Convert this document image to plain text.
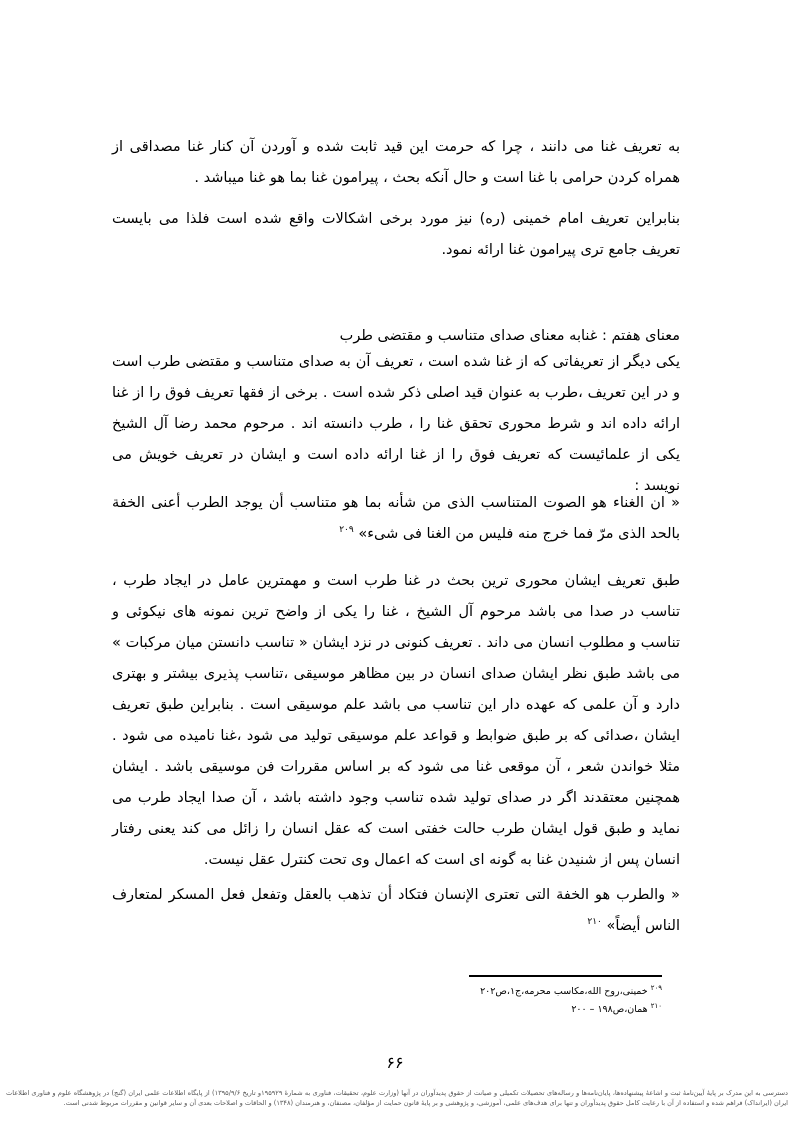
به تعریف غنا می دانند ، چرا که حرمت این قید ثابت شده و آوردن آن کنار غنا مصداقی از همراه کردن حرامی با غنا است و حال آنکه بحث ، پیرامون غنا بما هو غنا میباشد .

بنابراین تعریف امام خمینی (ره) نیز مورد برخی اشکالات واقع شده است فلذا می بایست تعریف جامع تری پیرامون غنا ارائه نمود.

معنای هفتم : غنابه معنای صدای متناسب و مقتضی طرب

یکی دیگر از تعریفاتی که از غنا شده است ، تعریف آن به صدای متناسب و مقتضی طرب است و در این تعریف ،طرب به عنوان قید اصلی ذکر شده است . برخی از فقها تعریف فوق را از غنا ارائه داده اند و شرط محوری تحقق غنا را ، طرب دانسته اند . مرحوم محمد رضا آل الشیخ یکی از علمائیست که تعریف فوق را از غنا ارائه داده است و ایشان در تعریف خویش می نویسد :

« ان الغناء هو الصوت المتناسب الذی من شأنه بما هو متناسب أن یوجد الطرب أعنی الخفة بالحد الذی مرّ فما خرج منه فلیس من الغنا فی شیء» $^{۲۰۹}$

طبق تعریف ایشان محوری ترین بحث در غنا طرب است و مهمترین عامل در ایجاد طرب ، تناسب در صدا می باشد مرحوم آل الشیخ ، غنا را یکی از واضح ترین نمونه های نیکوئی و تناسب و مطلوب انسان می داند . تعریف کنونی در نزد ایشان « تناسب دانستن میان مرکبات » می باشد طبق نظر ایشان صدای انسان در بین مظاهر موسیقی ،تناسب پذیری بیشتر و بهتری دارد و آن علمی که عهده دار این تناسب می باشد علم موسیقی است . بنابراین طبق تعریف ایشان ،صدائی که بر طبق ضوابط و قواعد علم موسیقی تولید می شود ،غنا نامیده می شود . مثلا خواندن شعر ، آن موقعی غنا می شود که بر اساس مقررات فن موسیقی باشد . ایشان همچنین معتقدند اگر در صدای تولید شده تناسب وجود داشته باشد ، آن صدا ایجاد طرب می نماید و طبق قول ایشان طرب حالت خفتی است که عقل انسان را زائل می کند یعنی رفتار انسان پس از شنیدن غنا به گونه ای است که اعمال وی تحت کنترل عقل نیست.

« والطرب هو الخفة التی تعتری الإنسان فتکاد أن تذهب بالعقل وتفعل فعل المسکر لمتعارف الناس أیضاً» $^{۲۱۰}$

$^{۲۰۹}$ خمینی،روح الله،مکاسب محرمه،ج۱،ص۲۰۲
$^{۲۱۰}$ همان،ص۱۹۸ – ۲۰۰
۶۶
دسترسی به این مدرک بر پایهٔ آیین‌نامهٔ ثبت و اشاعهٔ پیشنهاده‌ها، پایان‌نامه‌ها و رساله‌های تحصیلات تکمیلی و صیانت از حقوق پدیدآوران در آنها (وزارت علوم، تحقیقات، فناوری به شمارهٔ ۱۹۵۹۲۹و تاریخ ۱۳۹۵/۹/۶) از پایگاه اطلاعات علمی ایران (گنج) در پژوهشگاه علوم و فناوری اطلاعات ایران (ایرانداک) فراهم شده و استفاده از آن با رعایت کامل حقوق پدیدآوران و تنها برای هدف‌های علمی، آموزشی، و پژوهشی و بر پایهٔ قانون حمایت از مؤلفان، مصنفان، و هنرمندان (۱۳۴۸) و الحاقات و اصلاحات بعدی آن و سایر قوانین و مقررات مربوط شدنی است.
